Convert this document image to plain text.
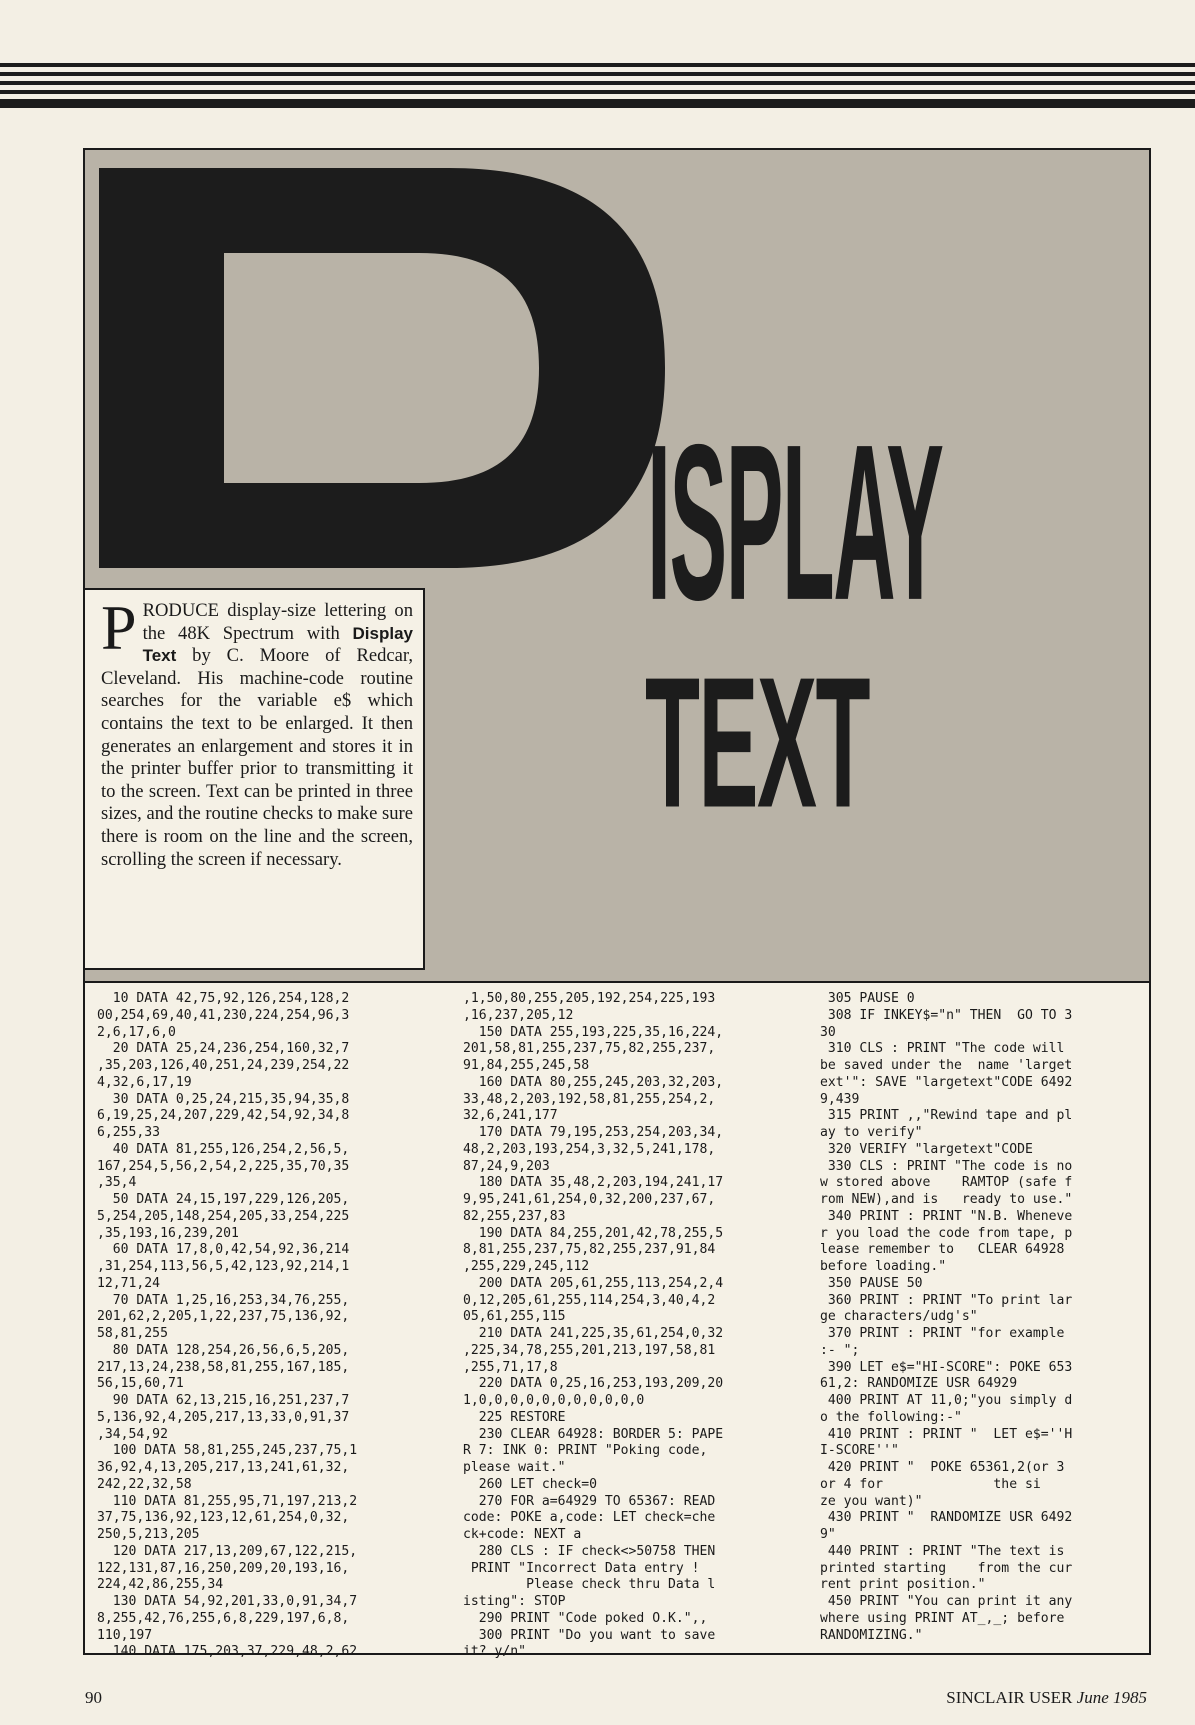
ISPLAY
TEXT
PRODUCE display-size lettering on the 48K Spectrum with Display Text by C. Moore of Redcar, Cleveland. His machine-code routine searches for the variable e$ which contains the text to be enlarged. It then generates an enlargement and stores it in the printer buffer prior to transmitting it to the screen. Text can be printed in three sizes, and the routine checks to make sure there is room on the line and the screen, scrolling the screen if necessary.
10 DATA 42,75,92,126,254,128,2
00,254,69,40,41,230,224,254,96,3
2,6,17,6,0
20 DATA 25,24,236,254,160,32,7
,35,203,126,40,251,24,239,254,22
4,32,6,17,19
30 DATA 0,25,24,215,35,94,35,8
6,19,25,24,207,229,42,54,92,34,8
6,255,33
40 DATA 81,255,126,254,2,56,5,
167,254,5,56,2,54,2,225,35,70,35
,35,4
50 DATA 24,15,197,229,126,205,
5,254,205,148,254,205,33,254,225
,35,193,16,239,201
60 DATA 17,8,0,42,54,92,36,214
,31,254,113,56,5,42,123,92,214,1
12,71,24
70 DATA 1,25,16,253,34,76,255,
201,62,2,205,1,22,237,75,136,92,
58,81,255
80 DATA 128,254,26,56,6,5,205,
217,13,24,238,58,81,255,167,185,
56,15,60,71
90 DATA 62,13,215,16,251,237,7
5,136,92,4,205,217,13,33,0,91,37
,34,54,92
100 DATA 58,81,255,245,237,75,1
36,92,4,13,205,217,13,241,61,32,
242,22,32,58
110 DATA 81,255,95,71,197,213,2
37,75,136,92,123,12,61,254,0,32,
250,5,213,205
120 DATA 217,13,209,67,122,215,
122,131,87,16,250,209,20,193,16,
224,42,86,255,34
130 DATA 54,92,201,33,0,91,34,7
8,255,42,76,255,6,8,229,197,6,8,
110,197
140 DATA 175,203,37,229,48,2,62
,1,50,80,255,205,192,254,225,193
,16,237,205,12
150 DATA 255,193,225,35,16,224,
201,58,81,255,237,75,82,255,237,
91,84,255,245,58
160 DATA 80,255,245,203,32,203,
33,48,2,203,192,58,81,255,254,2,
32,6,241,177
170 DATA 79,195,253,254,203,34,
48,2,203,193,254,3,32,5,241,178,
87,24,9,203
180 DATA 35,48,2,203,194,241,17
9,95,241,61,254,0,32,200,237,67,
82,255,237,83
190 DATA 84,255,201,42,78,255,5
8,81,255,237,75,82,255,237,91,84
,255,229,245,112
200 DATA 205,61,255,113,254,2,4
0,12,205,61,255,114,254,3,40,4,2
05,61,255,115
210 DATA 241,225,35,61,254,0,32
,225,34,78,255,201,213,197,58,81
,255,71,17,8
220 DATA 0,25,16,253,193,209,20
1,0,0,0,0,0,0,0,0,0,0,0
225 RESTORE
230 CLEAR 64928: BORDER 5: PAPE
R 7: INK 0: PRINT "Poking code,
please wait."
260 LET check=0
270 FOR a=64929 TO 65367: READ
code: POKE a,code: LET check=che
ck+code: NEXT a
280 CLS : IF check<>50758 THEN
PRINT "Incorrect Data entry !
Please check thru Data l
isting": STOP
290 PRINT "Code poked O.K.",,
300 PRINT "Do you want to save
it? y/n"
305 PAUSE 0
308 IF INKEY$="n" THEN  GO TO 3
30
310 CLS : PRINT "The code will
be saved under the  name 'larget
ext'": SAVE "largetext"CODE 6492
9,439
315 PRINT ,,"Rewind tape and pl
ay to verify"
320 VERIFY "largetext"CODE
330 CLS : PRINT "The code is no
w stored above    RAMTOP (safe f
rom NEW),and is   ready to use."
340 PRINT : PRINT "N.B. Wheneve
r you load the code from tape, p
lease remember to   CLEAR 64928
before loading."
350 PAUSE 50
360 PRINT : PRINT "To print lar
ge characters/udg's"
370 PRINT : PRINT "for example
:- ";
390 LET e$="HI-SCORE": POKE 653
61,2: RANDOMIZE USR 64929
400 PRINT AT 11,0;"you simply d
o the following:-"
410 PRINT : PRINT "  LET e$=''H
I-SCORE''"
420 PRINT "  POKE 65361,2(or 3
or 4 for              the si
ze you want)"
430 PRINT "  RANDOMIZE USR 6492
9"
440 PRINT : PRINT "The text is
printed starting    from the cur
rent print position."
450 PRINT "You can print it any
where using PRINT AT_,_; before
RANDOMIZING."
90	SINCLAIR USER June 1985
